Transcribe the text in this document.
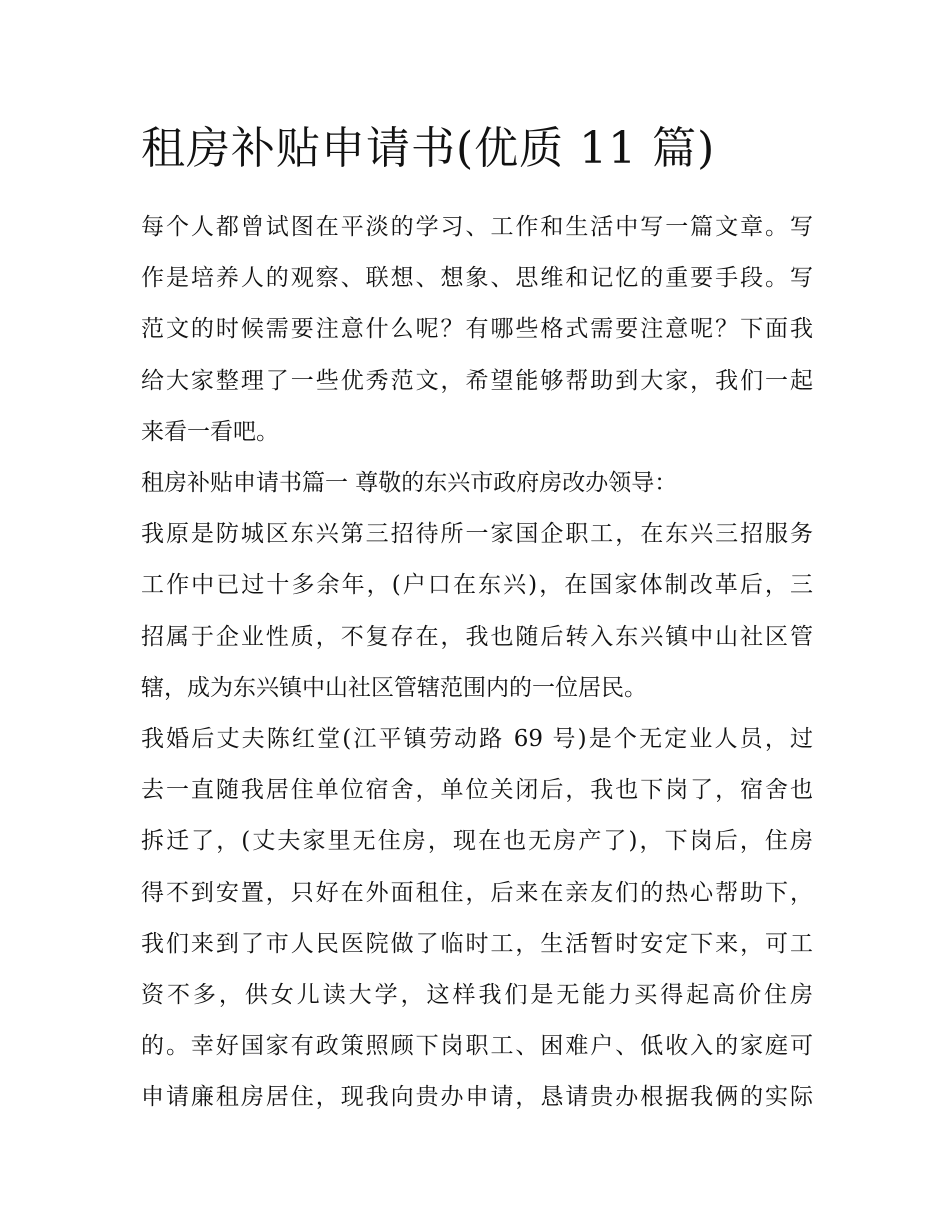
租房补贴申请书(优质 11 篇)

每个人都曾试图在平淡的学习、工作和生活中写一篇文章。写
作是培养人的观察、联想、想象、思维和记忆的重要手段。写
范文的时候需要注意什么呢？有哪些格式需要注意呢？下面我
给大家整理了一些优秀范文，希望能够帮助到大家，我们一起
来看一看吧。

租房补贴申请书篇一 尊敬的东兴市政府房改办领导：

我原是防城区东兴第三招待所一家国企职工，在东兴三招服务
工作中已过十多余年，(户口在东兴)，在国家体制改革后，三
招属于企业性质，不复存在，我也随后转入东兴镇中山社区管
辖，成为东兴镇中山社区管辖范围内的一位居民。

我婚后丈夫陈红堂(江平镇劳动路 69 号)是个无定业人员，过
去一直随我居住单位宿舍，单位关闭后，我也下岗了，宿舍也
拆迁了，(丈夫家里无住房，现在也无房产了)，下岗后，住房
得不到安置，只好在外面租住，后来在亲友们的热心帮助下，
我们来到了市人民医院做了临时工，生活暂时安定下来，可工
资不多，供女儿读大学，这样我们是无能力买得起高价住房
的。幸好国家有政策照顾下岗职工、困难户、低收入的家庭可
申请廉租房居住，现我向贵办申请，恳请贵办根据我俩的实际
